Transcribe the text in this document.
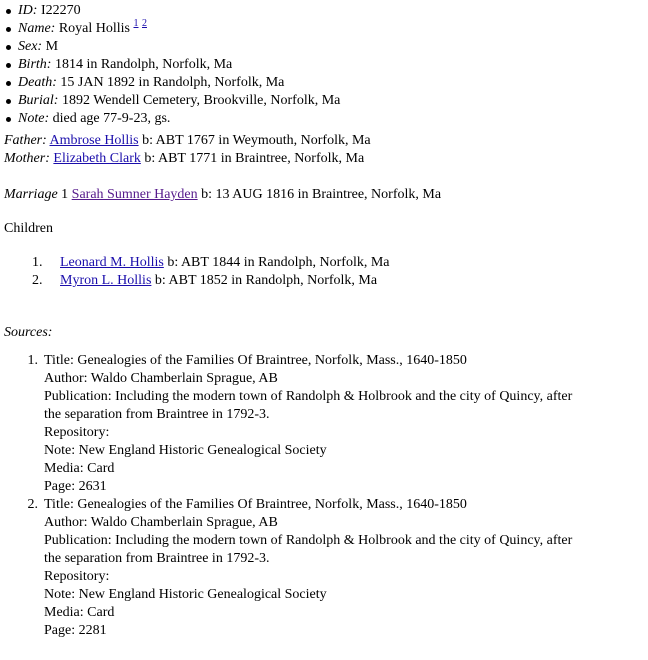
ID: I22270
Name: Royal Hollis $^1$ $^2$
Sex: M
Birth: 1814 in Randolph, Norfolk, Ma
Death: 15 JAN 1892 in Randolph, Norfolk, Ma
Burial: 1892 Wendell Cemetery, Brookville, Norfolk, Ma
Note: died age 77-9-23, gs.
Father: Ambrose Hollis b: ABT 1767 in Weymouth, Norfolk, Ma
Mother: Elizabeth Clark b: ABT 1771 in Braintree, Norfolk, Ma
Marriage 1 Sarah Sumner Hayden b: 13 AUG 1816 in Braintree, Norfolk, Ma
Children
1.	Leonard M. Hollis b: ABT 1844 in Randolph, Norfolk, Ma
2.	Myron L. Hollis b: ABT 1852 in Randolph, Norfolk, Ma
Sources:
1. Title: Genealogies of the Families Of Braintree, Norfolk, Mass., 1640-1850
Author: Waldo Chamberlain Sprague, AB
Publication: Including the modern town of Randolph & Holbrook and the city of Quincy, after
the separation from Braintree in 1792-3.
Repository:
Note: New England Historic Genealogical Society
Media: Card
Page: 2631
2. Title: Genealogies of the Families Of Braintree, Norfolk, Mass., 1640-1850
Author: Waldo Chamberlain Sprague, AB
Publication: Including the modern town of Randolph & Holbrook and the city of Quincy, after
the separation from Braintree in 1792-3.
Repository:
Note: New England Historic Genealogical Society
Media: Card
Page: 2281
